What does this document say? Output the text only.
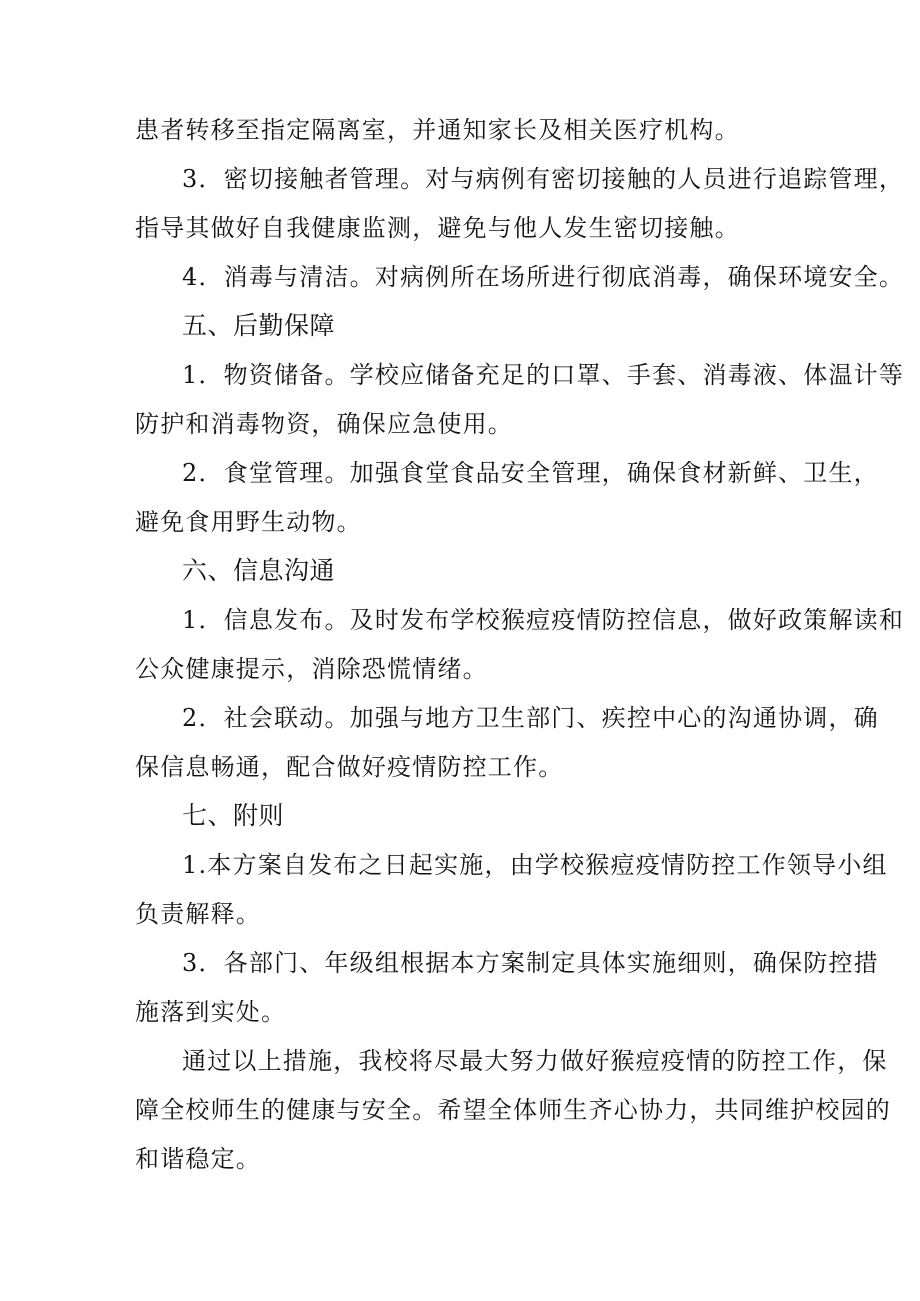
患者转移至指定隔离室，并通知家长及相关医疗机构。
3．密切接触者管理。对与病例有密切接触的人员进行追踪管理，
指导其做好自我健康监测，避免与他人发生密切接触。
4．消毒与清洁。对病例所在场所进行彻底消毒，确保环境安全。
五、后勤保障
1．物资储备。学校应储备充足的口罩、手套、消毒液、体温计等
防护和消毒物资，确保应急使用。
2．食堂管理。加强食堂食品安全管理，确保食材新鲜、卫生，
避免食用野生动物。
六、信息沟通
1．信息发布。及时发布学校猴痘疫情防控信息，做好政策解读和
公众健康提示，消除恐慌情绪。
2．社会联动。加强与地方卫生部门、疾控中心的沟通协调，确
保信息畅通，配合做好疫情防控工作。
七、附则
1.本方案自发布之日起实施，由学校猴痘疫情防控工作领导小组
负责解释。
3．各部门、年级组根据本方案制定具体实施细则，确保防控措
施落到实处。
通过以上措施，我校将尽最大努力做好猴痘疫情的防控工作，保
障全校师生的健康与安全。希望全体师生齐心协力，共同维护校园的
和谐稳定。
